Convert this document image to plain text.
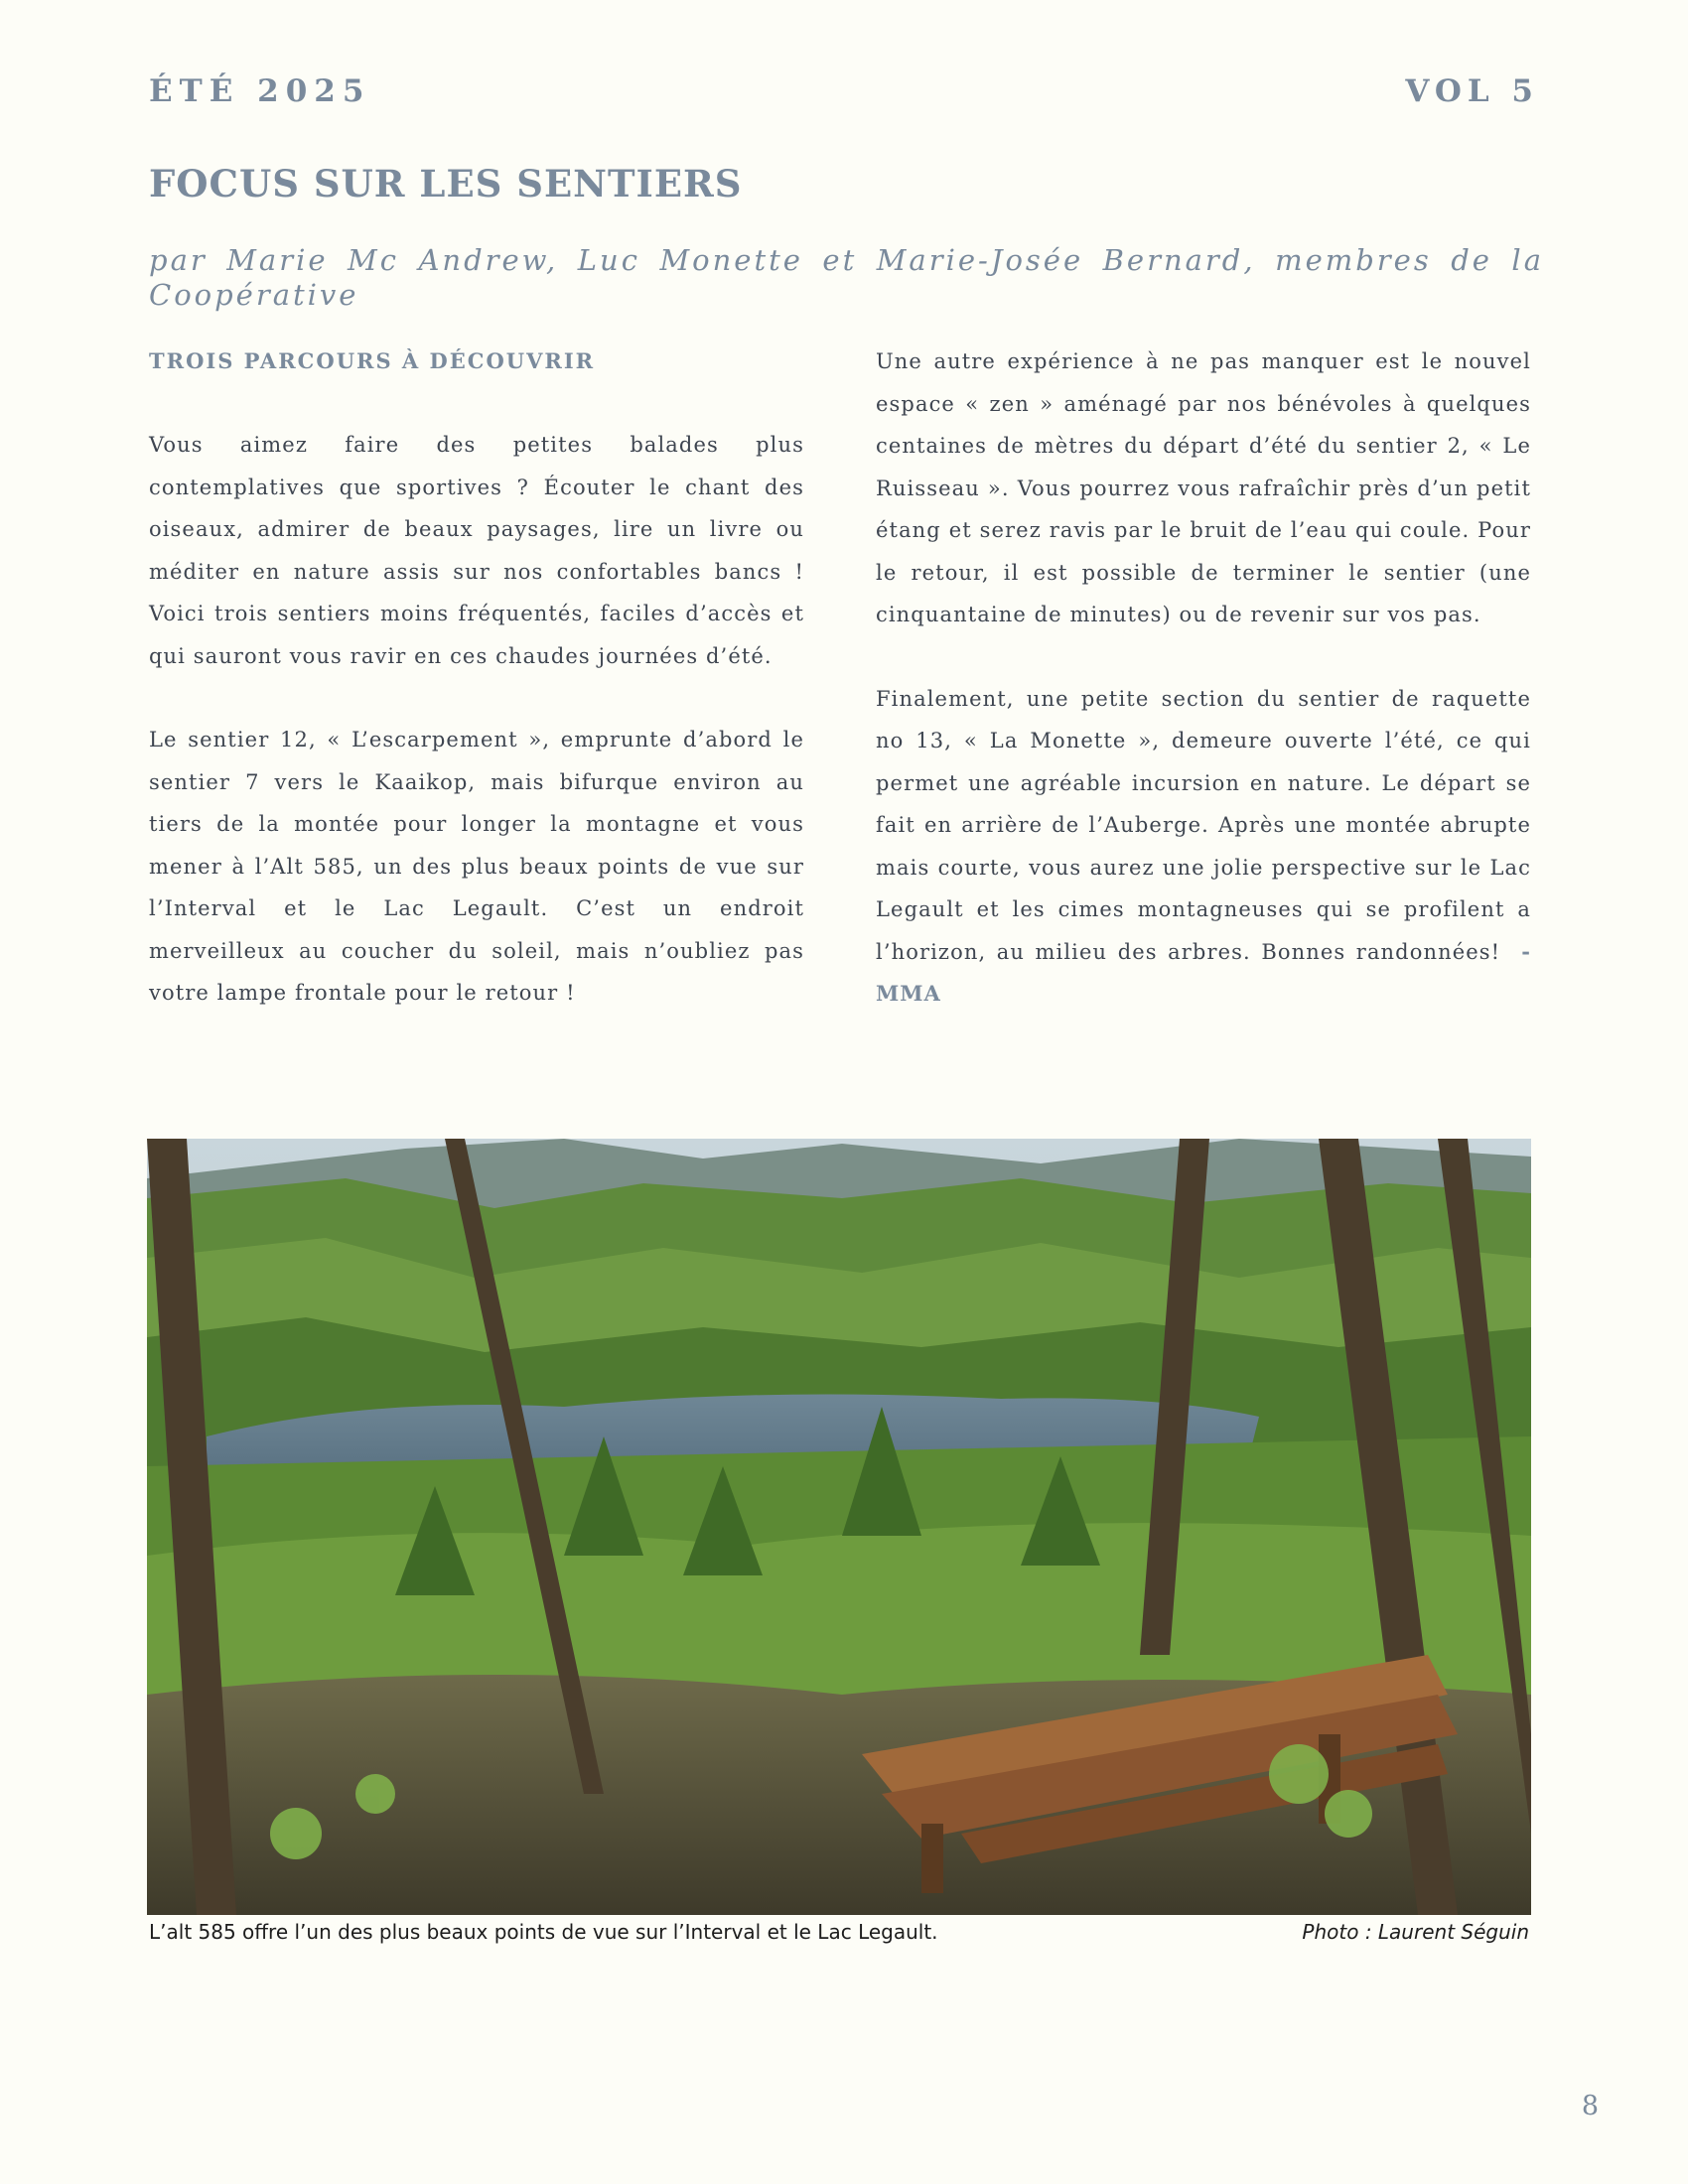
ÉTÉ 2025	VOL 5
FOCUS SUR LES SENTIERS

par Marie Mc Andrew, Luc Monette et Marie-Josée Bernard, membres de la Coopérative

TROIS PARCOURS À DÉCOUVRIR

Vous aimez faire des petites balades plus contemplatives que sportives ? Écouter le chant des oiseaux, admirer de beaux paysages, lire un livre ou méditer en nature assis sur nos confortables bancs ! Voici trois sentiers moins fréquentés, faciles d’accès et qui sauront vous ravir en ces chaudes journées d’été.

Le sentier 12, « L’escarpement », emprunte d’abord le sentier 7 vers le Kaaikop, mais bifurque environ au tiers de la montée pour longer la montagne et vous mener à l’Alt 585, un des plus beaux points de vue sur l’Interval et le Lac Legault. C’est un endroit merveilleux au coucher du soleil, mais n’oubliez pas votre lampe frontale pour le retour !

Une autre expérience à ne pas manquer est le nouvel espace « zen » aménagé par nos bénévoles à quelques centaines de mètres du départ d’été du sentier 2, « Le Ruisseau ». Vous pourrez vous rafraîchir près d’un petit étang et serez ravis par le bruit de l’eau qui coule. Pour le retour, il est possible de terminer le sentier (une cinquantaine de minutes) ou de revenir sur vos pas.

Finalement, une petite section du sentier de raquette no 13, « La Monette », demeure ouverte l’été, ce qui permet une agréable incursion en nature. Le départ se fait en arrière de l’Auberge. Après une montée abrupte mais courte, vous aurez une jolie perspective sur le Lac Legault et les cimes montagneuses qui se profilent a l’horizon, au milieu des arbres. Bonnes randonnées! - MMA

L’alt 585 offre l’un des plus beaux points de vue sur l’Interval et le Lac Legault.	Photo : Laurent Séguin
8
